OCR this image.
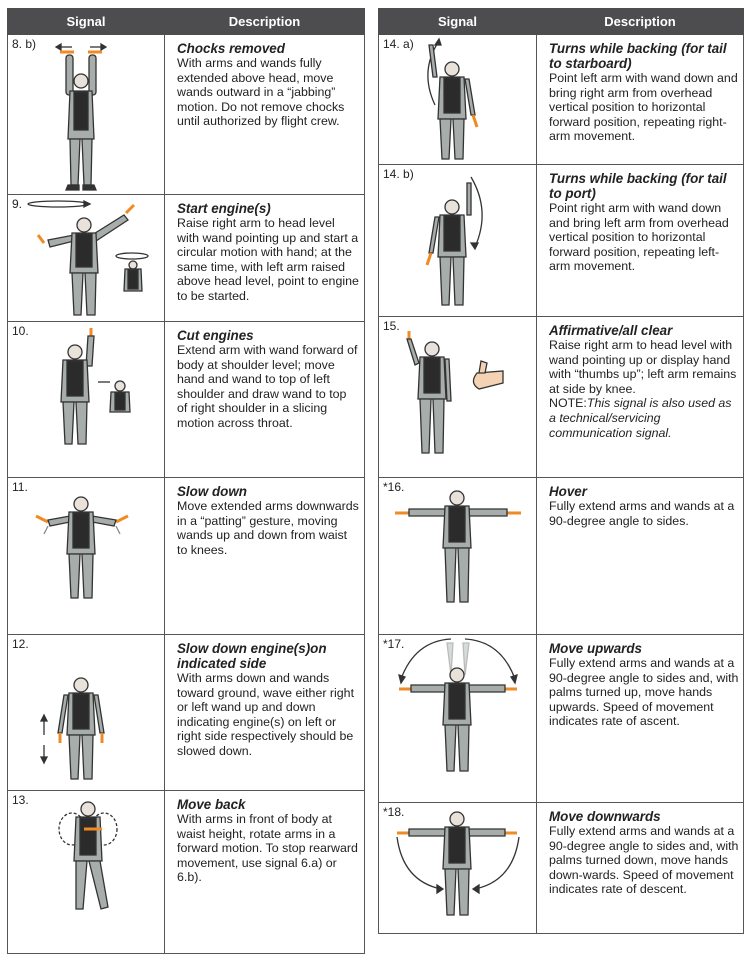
Signal	Description

8. b)	Chocks removed
With arms and wands fully extended above head, move wands outward in a “jabbing” motion. Do not remove chocks until authorized by flight crew.

9.	Start engine(s)
Raise right arm to head level with wand pointing up and start a circular motion with hand; at the same time, with left arm raised above head level, point to engine to be started.

10.	Cut engines
Extend arm with wand forward of body at shoulder level; move hand and wand to top of left shoulder and draw wand to top of right shoulder in a slicing motion across throat.

11.	Slow down
Move extended arms downwards in a “patting” gesture, moving wands up and down from waist to knees.

12.	Slow down engine(s)on indicated side
With arms down and wands toward ground, wave either right or left wand up and down indicating engine(s) on left or right side respectively should be slowed down.

13.	Move back
With arms in front of body at waist height, rotate arms in a forward motion. To stop rearward movement, use signal 6.a) or 6.b).
Signal	Description

14. a)	Turns while backing (for tail to starboard)
Point left arm with wand down and bring right arm from overhead vertical position to horizontal forward position, repeating right-arm movement.

14. b)	Turns while backing (for tail to port)
Point right arm with wand down and bring left arm from overhead vertical position to horizontal forward position, repeating left-arm movement.

15.	Affirmative/all clear
Raise right arm to head level with wand pointing up or display hand with “thumbs up”; left arm remains at side by knee.
NOTE:This signal is also used as a technical/servicing communication signal.

*16.	Hover
Fully extend arms and wands at a 90-degree angle to sides.

*17.	Move upwards
Fully extend arms and wands at a 90-degree angle to sides and, with palms turned up, move hands upwards. Speed of movement indicates rate of ascent.

*18.	Move downwards
Fully extend arms and wands at a 90-degree angle to sides and, with palms turned down, move hands down-wards. Speed of movement indicates rate of descent.
